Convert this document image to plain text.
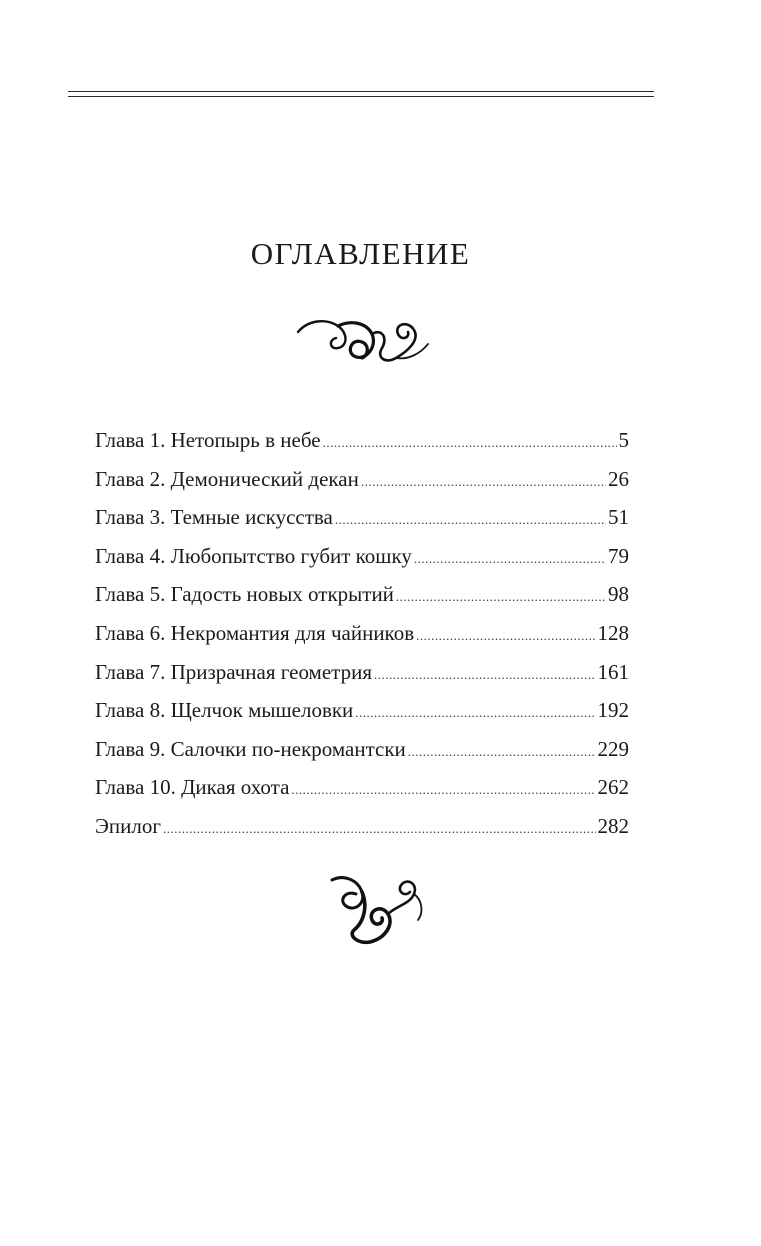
ОГЛАВЛЕНИЕ
Глава 1. Нетопырь в небе .....	5
Глава 2. Демонический декан .....	26
Глава 3. Темные искусства .....	51
Глава 4. Любопытство губит кошку .....	79
Глава 5. Гадость новых открытий .....	98
Глава 6. Некромантия для чайников .....	128
Глава 7. Призрачная геометрия .....	161
Глава 8. Щелчок мышеловки .....	192
Глава 9. Салочки по-некромантски .....	229
Глава 10. Дикая охота .....	262
Эпилог .....	282
